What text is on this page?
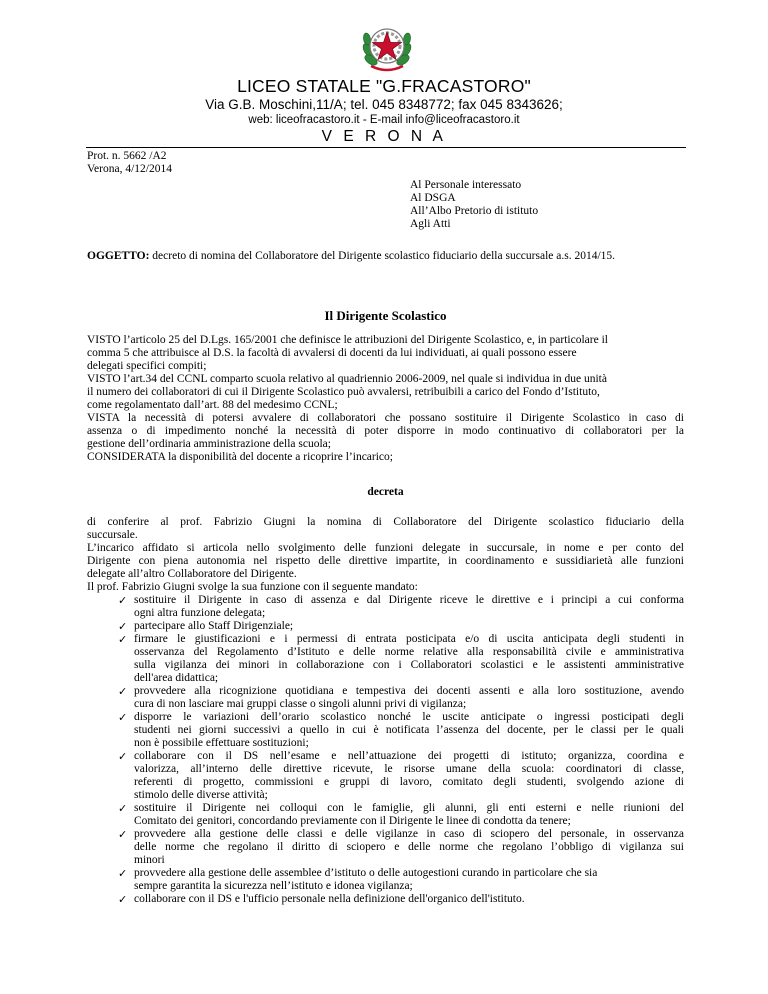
LICEO STATALE "G.FRACASTORO"
Via G.B. Moschini,11/A; tel. 045 8348772; fax 045 8343626;
web: liceofracastoro.it - E-mail info@liceofracastoro.it
V E R O N A
Prot. n. 5662 /A2
Verona, 4/12/2014
Al Personale interessato
Al DSGA
All’Albo Pretorio di istituto
Agli Atti
OGGETTO: decreto di nomina del Collaboratore del Dirigente scolastico fiduciario della succursale a.s. 2014/15.
Il Dirigente Scolastico
VISTO l’articolo 25 del D.Lgs. 165/2001 che definisce le attribuzioni del Dirigente Scolastico, e, in particolare il
comma 5 che attribuisce al D.S. la facoltà di avvalersi di docenti da lui individuati, ai quali possono essere
delegati specifici compiti;
VISTO l’art.34 del CCNL comparto scuola relativo al quadriennio 2006-2009, nel quale si individua in due unità
il numero dei collaboratori di cui il Dirigente Scolastico può avvalersi, retribuibili a carico del Fondo d’Istituto,
come regolamentato dall’art. 88 del medesimo CCNL;
VISTA la necessità di potersi avvalere di collaboratori che possano sostituire il Dirigente Scolastico in caso di
assenza o di impedimento nonché la necessità di poter disporre in modo continuativo di collaboratori per la
gestione dell’ordinaria amministrazione della scuola;
CONSIDERATA la disponibilità del docente a ricoprire l’incarico;
decreta
di conferire al prof. Fabrizio Giugni la nomina di Collaboratore del Dirigente scolastico fiduciario della
succursale.
L’incarico affidato si articola nello svolgimento delle funzioni delegate in succursale, in nome e per conto del
Dirigente con piena autonomia nel rispetto delle direttive impartite, in coordinamento e sussidiarietà alle funzioni
delegate all’altro Collaboratore del Dirigente.
Il prof. Fabrizio Giugni svolge la sua funzione con il seguente mandato:
✓ sostituire il Dirigente in caso di assenza e dal Dirigente riceve le direttive e i principi a cui conforma
ogni altra funzione delegata;
✓ partecipare allo Staff Dirigenziale;
✓ firmare le giustificazioni e i permessi di entrata posticipata e/o di uscita anticipata degli studenti in
osservanza del Regolamento d’Istituto e delle norme relative alla responsabilità civile e amministrativa
sulla vigilanza dei minori in collaborazione con i Collaboratori scolastici e le assistenti amministrative
dell'area didattica;
✓ provvedere alla ricognizione quotidiana e tempestiva dei docenti assenti e alla loro sostituzione, avendo
cura di non lasciare mai gruppi classe o singoli alunni privi di vigilanza;
✓ disporre le variazioni dell’orario scolastico nonché le uscite anticipate o ingressi posticipati degli
studenti nei giorni successivi a quello in cui è notificata l’assenza del docente, per le classi per le quali
non è possibile effettuare sostituzioni;
✓ collaborare con il DS nell’esame e nell’attuazione dei progetti di istituto; organizza, coordina e
valorizza, all’interno delle direttive ricevute, le risorse umane della scuola: coordinatori di classe,
referenti di progetto, commissioni e gruppi di lavoro, comitato degli studenti, svolgendo azione di
stimolo delle diverse attività;
✓ sostituire il Dirigente nei colloqui con le famiglie, gli alunni, gli enti esterni e nelle riunioni del
Comitato dei genitori, concordando previamente con il Dirigente le linee di condotta da tenere;
✓ provvedere alla gestione delle classi e delle vigilanze in caso di sciopero del personale, in osservanza
delle norme che regolano il diritto di sciopero e delle norme che regolano l’obbligo di vigilanza sui
minori
✓ provvedere alla gestione delle assemblee d’istituto o delle autogestioni curando in particolare che sia
sempre garantita la sicurezza nell’istituto e idonea vigilanza;
✓ collaborare con il DS e l'ufficio personale nella definizione dell'organico dell'istituto.
